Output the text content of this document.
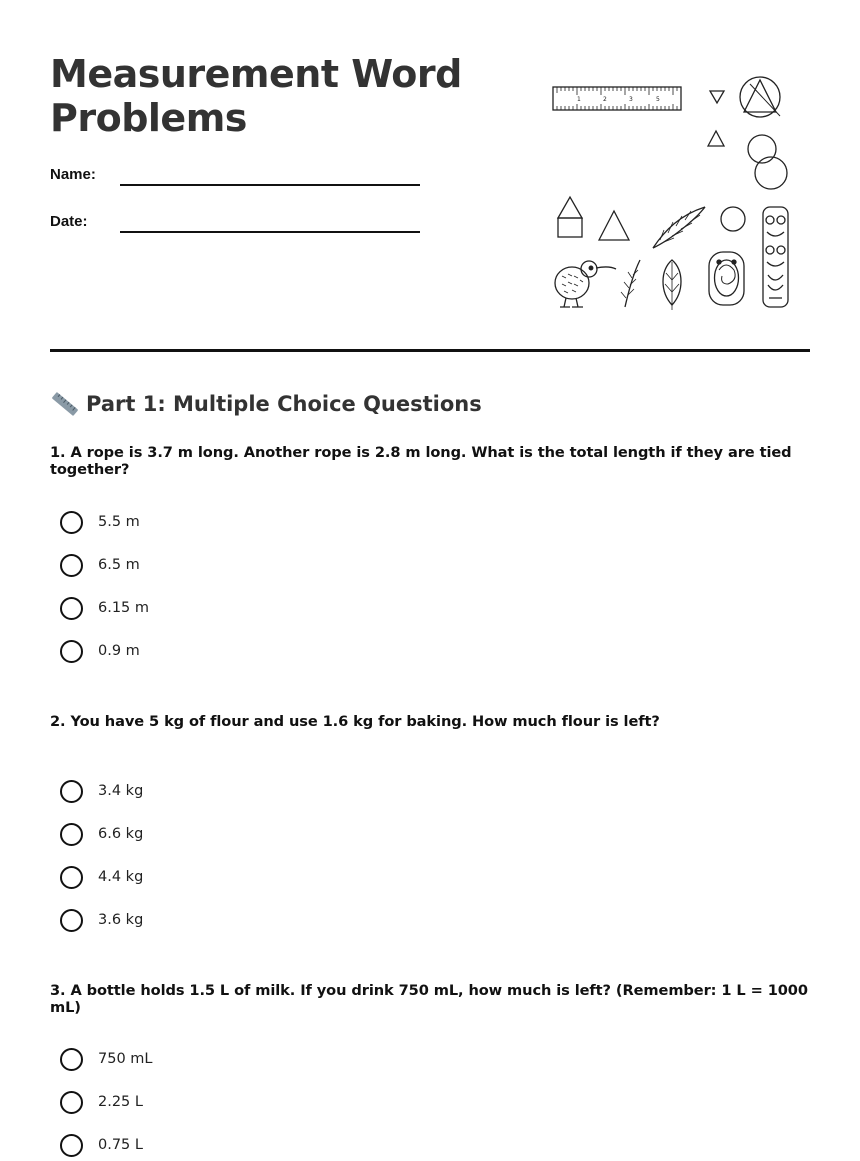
Measurement Word Problems
Name:
Date:
1	2	3	5
Part 1: Multiple Choice Questions
1. A rope is 3.7 m long. Another rope is 2.8 m long. What is the total length if they are tied together?
5.5 m
6.5 m
6.15 m
0.9 m
2. You have 5 kg of flour and use 1.6 kg for baking. How much flour is left?
3.4 kg
6.6 kg
4.4 kg
3.6 kg
3. A bottle holds 1.5 L of milk. If you drink 750 mL, how much is left? (Remember: 1 L = 1000 mL)
750 mL
2.25 L
0.75 L
